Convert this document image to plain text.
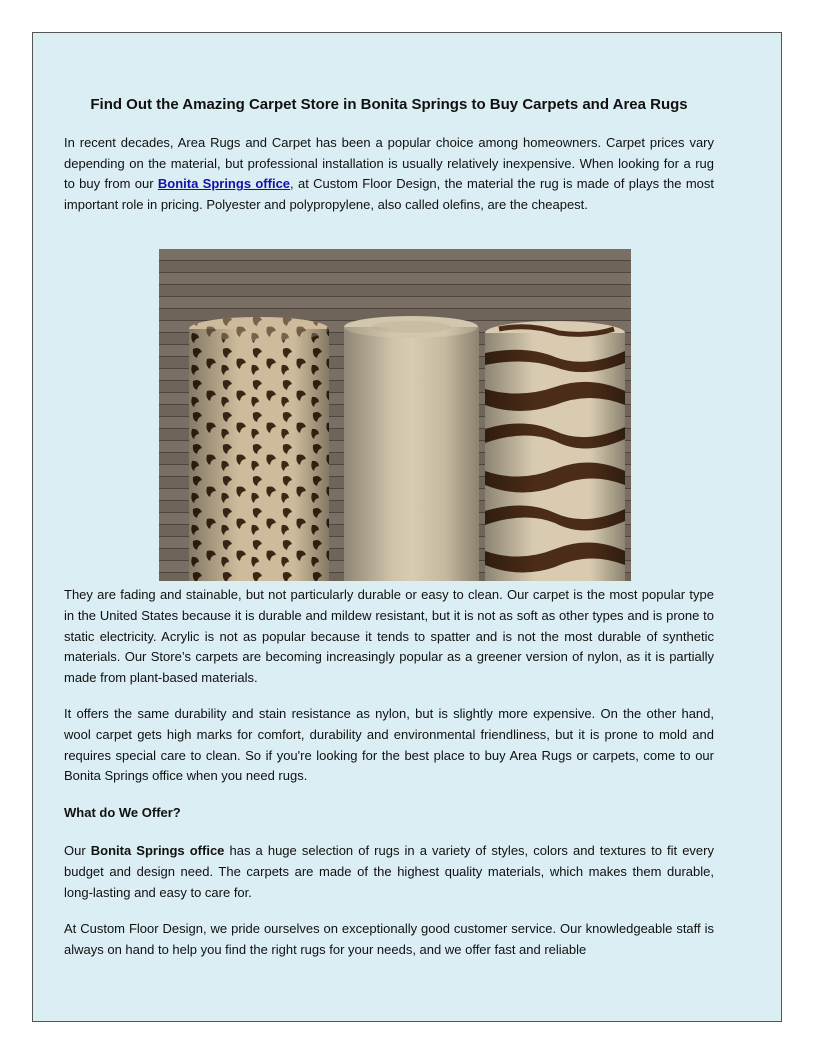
Find Out the Amazing Carpet Store in Bonita Springs to Buy Carpets and Area Rugs

In recent decades, Area Rugs and Carpet has been a popular choice among homeowners. Carpet prices vary depending on the material, but professional installation is usually relatively inexpensive. When looking for a rug to buy from our Bonita Springs office, at Custom Floor Design, the material the rug is made of plays the most important role in pricing. Polyester and polypropylene, also called olefins, are the cheapest.

They are fading and stainable, but not particularly durable or easy to clean. Our carpet is the most popular type in the United States because it is durable and mildew resistant, but it is not as soft as other types and is prone to static electricity. Acrylic is not as popular because it tends to spatter and is not the most durable of synthetic materials. Our Store’s carpets are becoming increasingly popular as a greener version of nylon, as it is partially made from plant-based materials.

It offers the same durability and stain resistance as nylon, but is slightly more expensive. On the other hand, wool carpet gets high marks for comfort, durability and environmental friendliness, but it is prone to mold and requires special care to clean. So if you're looking for the best place to buy Area Rugs or carpets, come to our Bonita Springs office when you need rugs.

What do We Offer?

Our Bonita Springs office has a huge selection of rugs in a variety of styles, colors and textures to fit every budget and design need. The carpets are made of the highest quality materials, which makes them durable, long-lasting and easy to care for.

At Custom Floor Design, we pride ourselves on exceptionally good customer service. Our knowledgeable staff is always on hand to help you find the right rugs for your needs, and we offer fast and reliable
